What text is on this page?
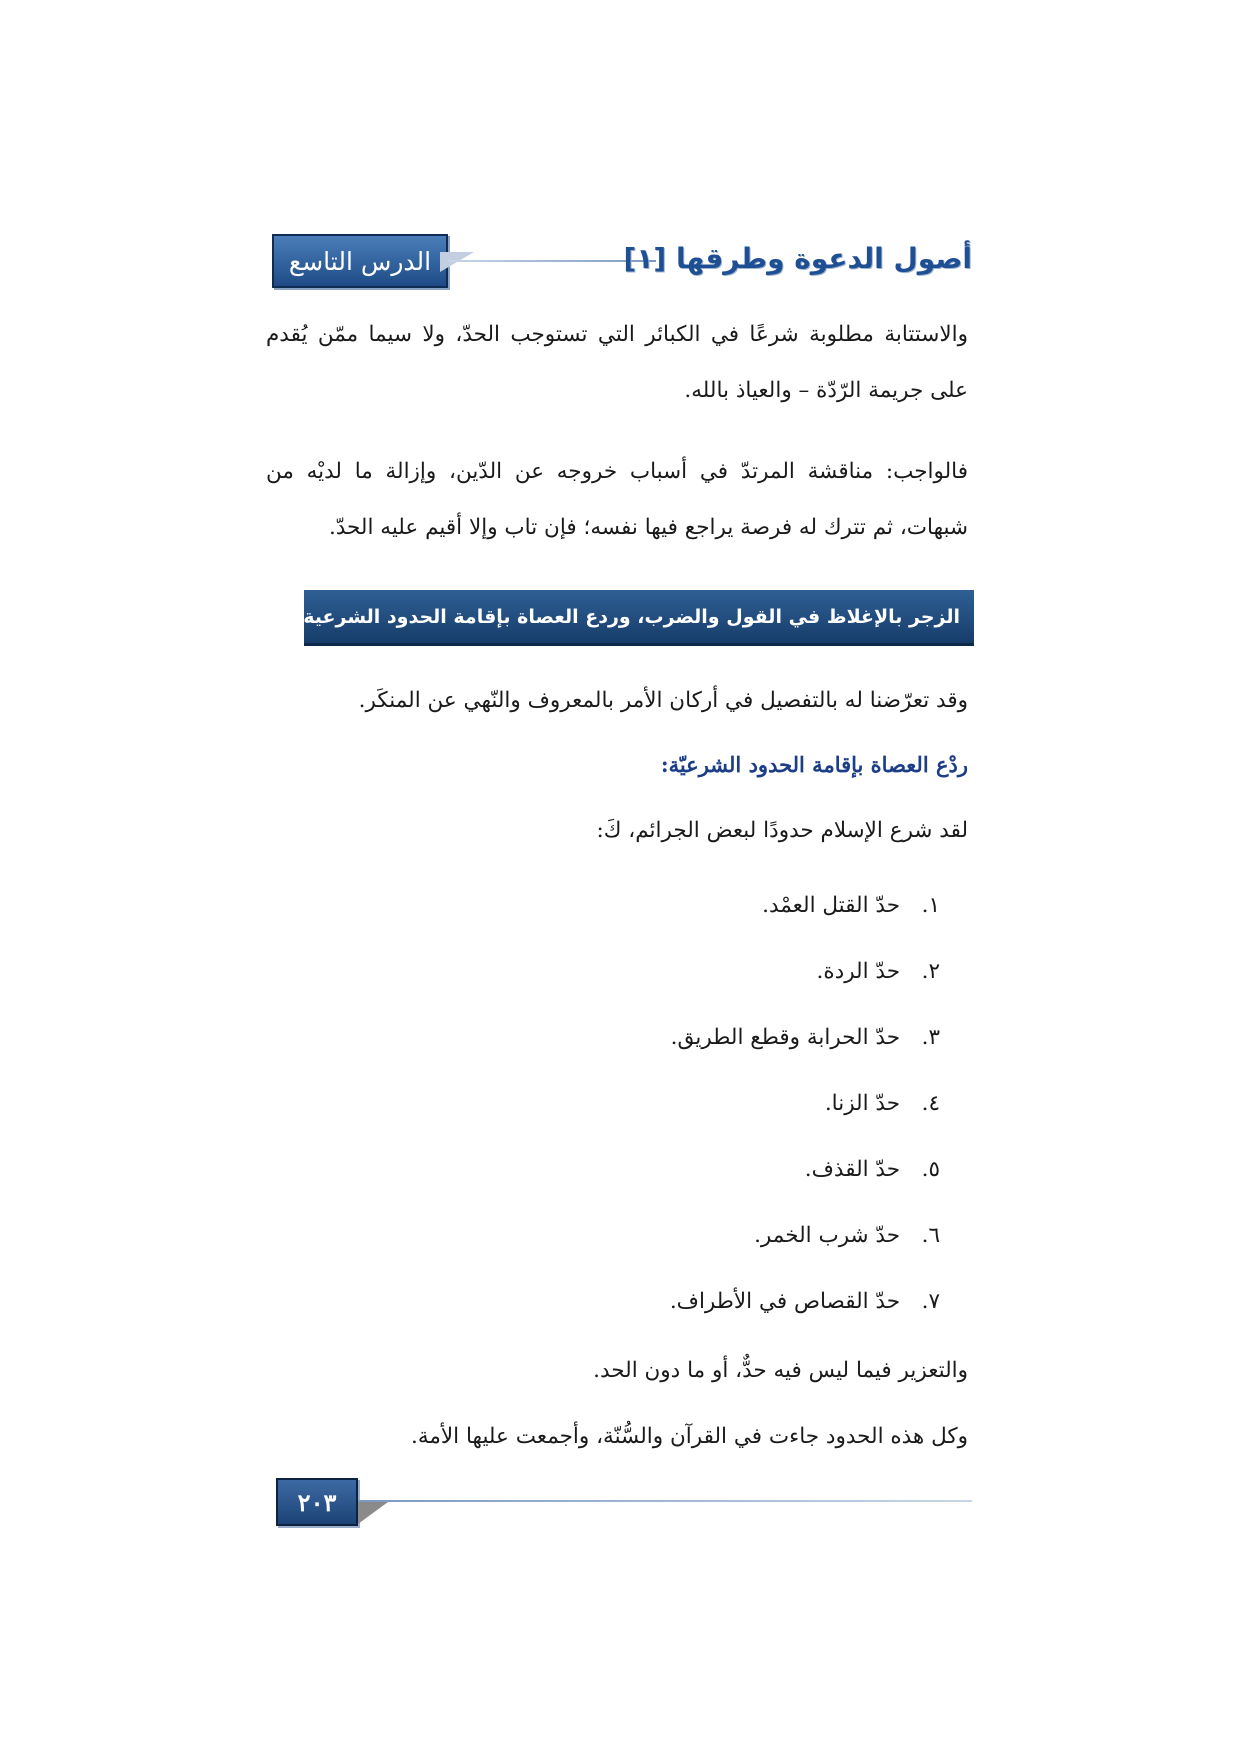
الدرس التاسع	أصول الدعوة وطرقها [١]
والاستتابة مطلوبة شرعًا في الكبائر التي تستوجب الحدّ، ولا سيما ممّن يُقدم على جريمة الرّدّة – والعياذ بالله.
فالواجب: مناقشة المرتدّ في أسباب خروجه عن الدّين، وإزالة ما لديْه من شبهات، ثم تترك له فرصة يراجع فيها نفسه؛ فإن تاب وإلا أقيم عليه الحدّ.
الزجر بالإغلاظ في القول والضرب، وردع العصاة بإقامة الحدود الشرعية
وقد تعرّضنا له بالتفصيل في أركان الأمر بالمعروف والنّهي عن المنكَر.
ردْع العصاة بإقامة الحدود الشرعيّة:
لقد شرع الإسلام حدودًا لبعض الجرائم، كَ:
١.حدّ القتل العمْد.
٢.حدّ الردة.
٣.حدّ الحرابة وقطع الطريق.
٤.حدّ الزنا.
٥.حدّ القذف.
٦.حدّ شرب الخمر.
٧.حدّ القصاص في الأطراف.
والتعزير فيما ليس فيه حدٌّ، أو ما دون الحد.
وكل هذه الحدود جاءت في القرآن والسُّنّة، وأجمعت عليها الأمة.
٢٠٣
